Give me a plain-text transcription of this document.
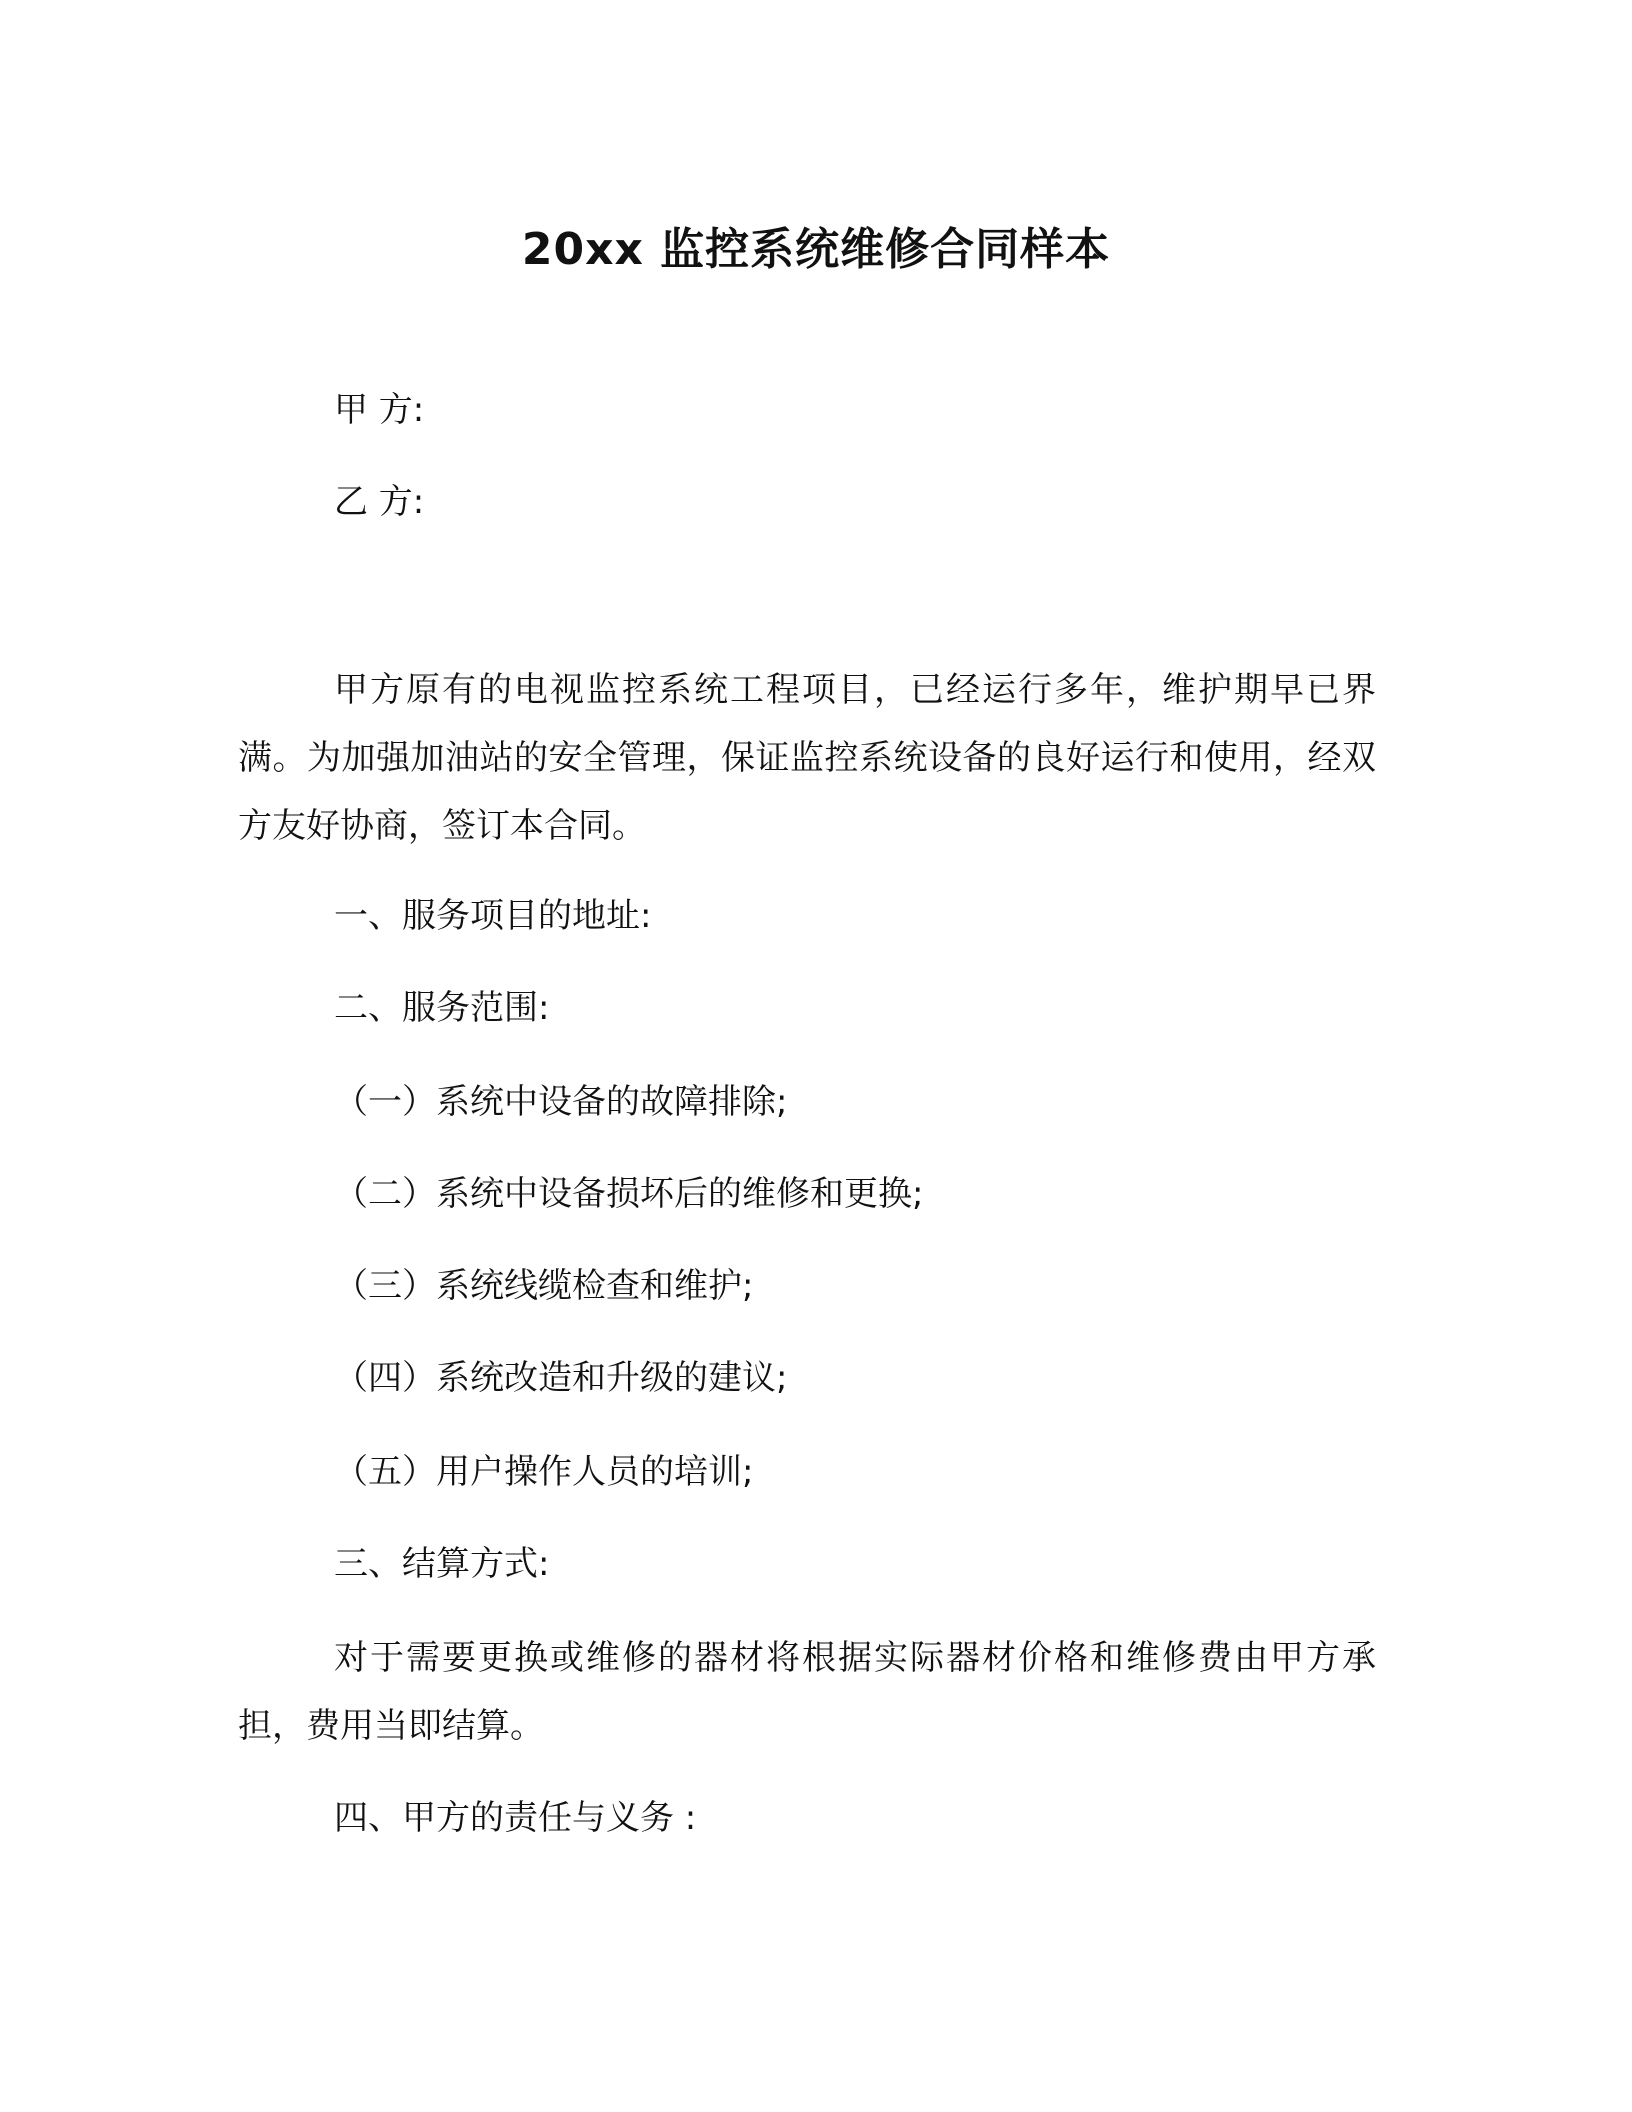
20xx 监控系统维修合同样本
甲 方:
乙 方:
甲方原有的电视监控系统工程项目，已经运行多年，维护期早已界满。为加强加油站的安全管理，保证监控系统设备的良好运行和使用，经双方友好协商，签订本合同。
一、服务项目的地址:
二、服务范围:
（一）系统中设备的故障排除;
（二）系统中设备损坏后的维修和更换;
（三）系统线缆检查和维护;
（四）系统改造和升级的建议;
（五）用户操作人员的培训;
三、结算方式:
对于需要更换或维修的器材将根据实际器材价格和维修费由甲方承担，费用当即结算。
四、甲方的责任与义务 :
